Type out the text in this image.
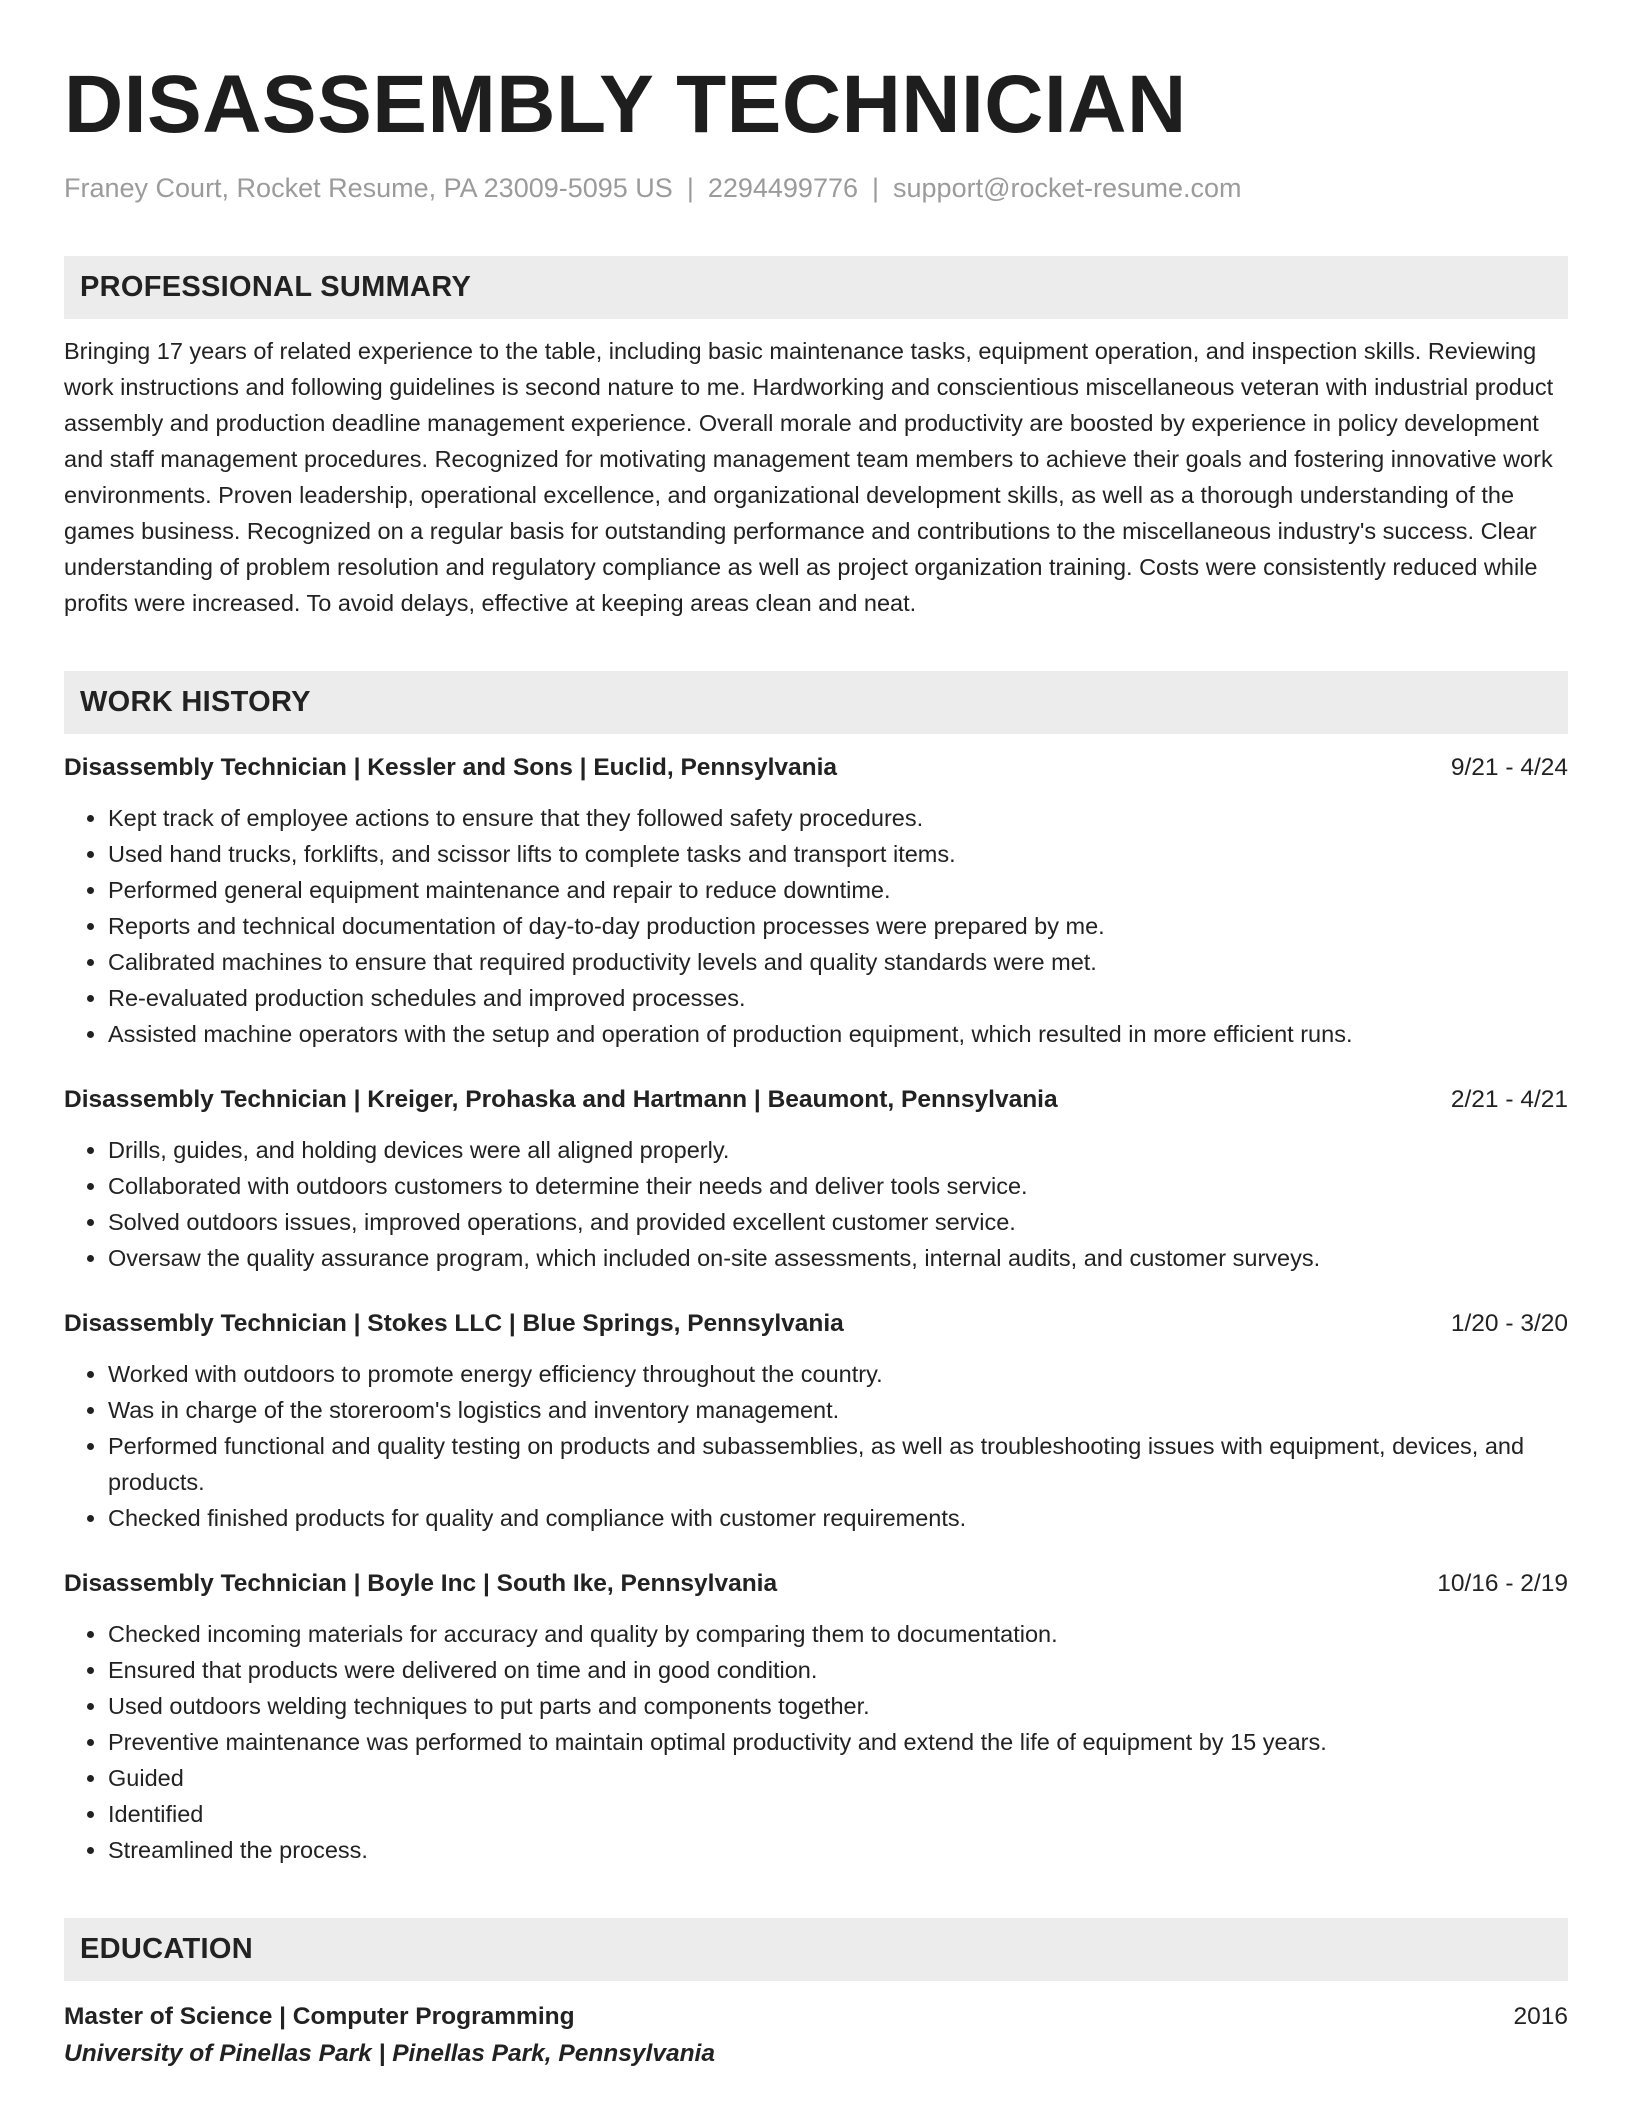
DISASSEMBLY TECHNICIAN
Franey Court, Rocket Resume, PA 23009-5095 US | 2294499776 | support@rocket-resume.com
PROFESSIONAL SUMMARY
Bringing 17 years of related experience to the table, including basic maintenance tasks, equipment operation, and inspection skills. Reviewing work instructions and following guidelines is second nature to me. Hardworking and conscientious miscellaneous veteran with industrial product assembly and production deadline management experience. Overall morale and productivity are boosted by experience in policy development and staff management procedures. Recognized for motivating management team members to achieve their goals and fostering innovative work environments. Proven leadership, operational excellence, and organizational development skills, as well as a thorough understanding of the games business. Recognized on a regular basis for outstanding performance and contributions to the miscellaneous industry's success. Clear understanding of problem resolution and regulatory compliance as well as project organization training. Costs were consistently reduced while profits were increased. To avoid delays, effective at keeping areas clean and neat.
WORK HISTORY
Disassembly Technician | Kessler and Sons | Euclid, Pennsylvania	9/21 - 4/24
• Kept track of employee actions to ensure that they followed safety procedures.
• Used hand trucks, forklifts, and scissor lifts to complete tasks and transport items.
• Performed general equipment maintenance and repair to reduce downtime.
• Reports and technical documentation of day-to-day production processes were prepared by me.
• Calibrated machines to ensure that required productivity levels and quality standards were met.
• Re-evaluated production schedules and improved processes.
• Assisted machine operators with the setup and operation of production equipment, which resulted in more efficient runs.
Disassembly Technician | Kreiger, Prohaska and Hartmann | Beaumont, Pennsylvania	2/21 - 4/21
• Drills, guides, and holding devices were all aligned properly.
• Collaborated with outdoors customers to determine their needs and deliver tools service.
• Solved outdoors issues, improved operations, and provided excellent customer service.
• Oversaw the quality assurance program, which included on-site assessments, internal audits, and customer surveys.
Disassembly Technician | Stokes LLC | Blue Springs, Pennsylvania	1/20 - 3/20
• Worked with outdoors to promote energy efficiency throughout the country.
• Was in charge of the storeroom's logistics and inventory management.
• Performed functional and quality testing on products and subassemblies, as well as troubleshooting issues with equipment, devices, and products.
• Checked finished products for quality and compliance with customer requirements.
Disassembly Technician | Boyle Inc | South Ike, Pennsylvania	10/16 - 2/19
• Checked incoming materials for accuracy and quality by comparing them to documentation.
• Ensured that products were delivered on time and in good condition.
• Used outdoors welding techniques to put parts and components together.
• Preventive maintenance was performed to maintain optimal productivity and extend the life of equipment by 15 years.
• Guided
• Identified
• Streamlined the process.
EDUCATION
Master of Science | Computer Programming	2016
University of Pinellas Park | Pinellas Park, Pennsylvania
